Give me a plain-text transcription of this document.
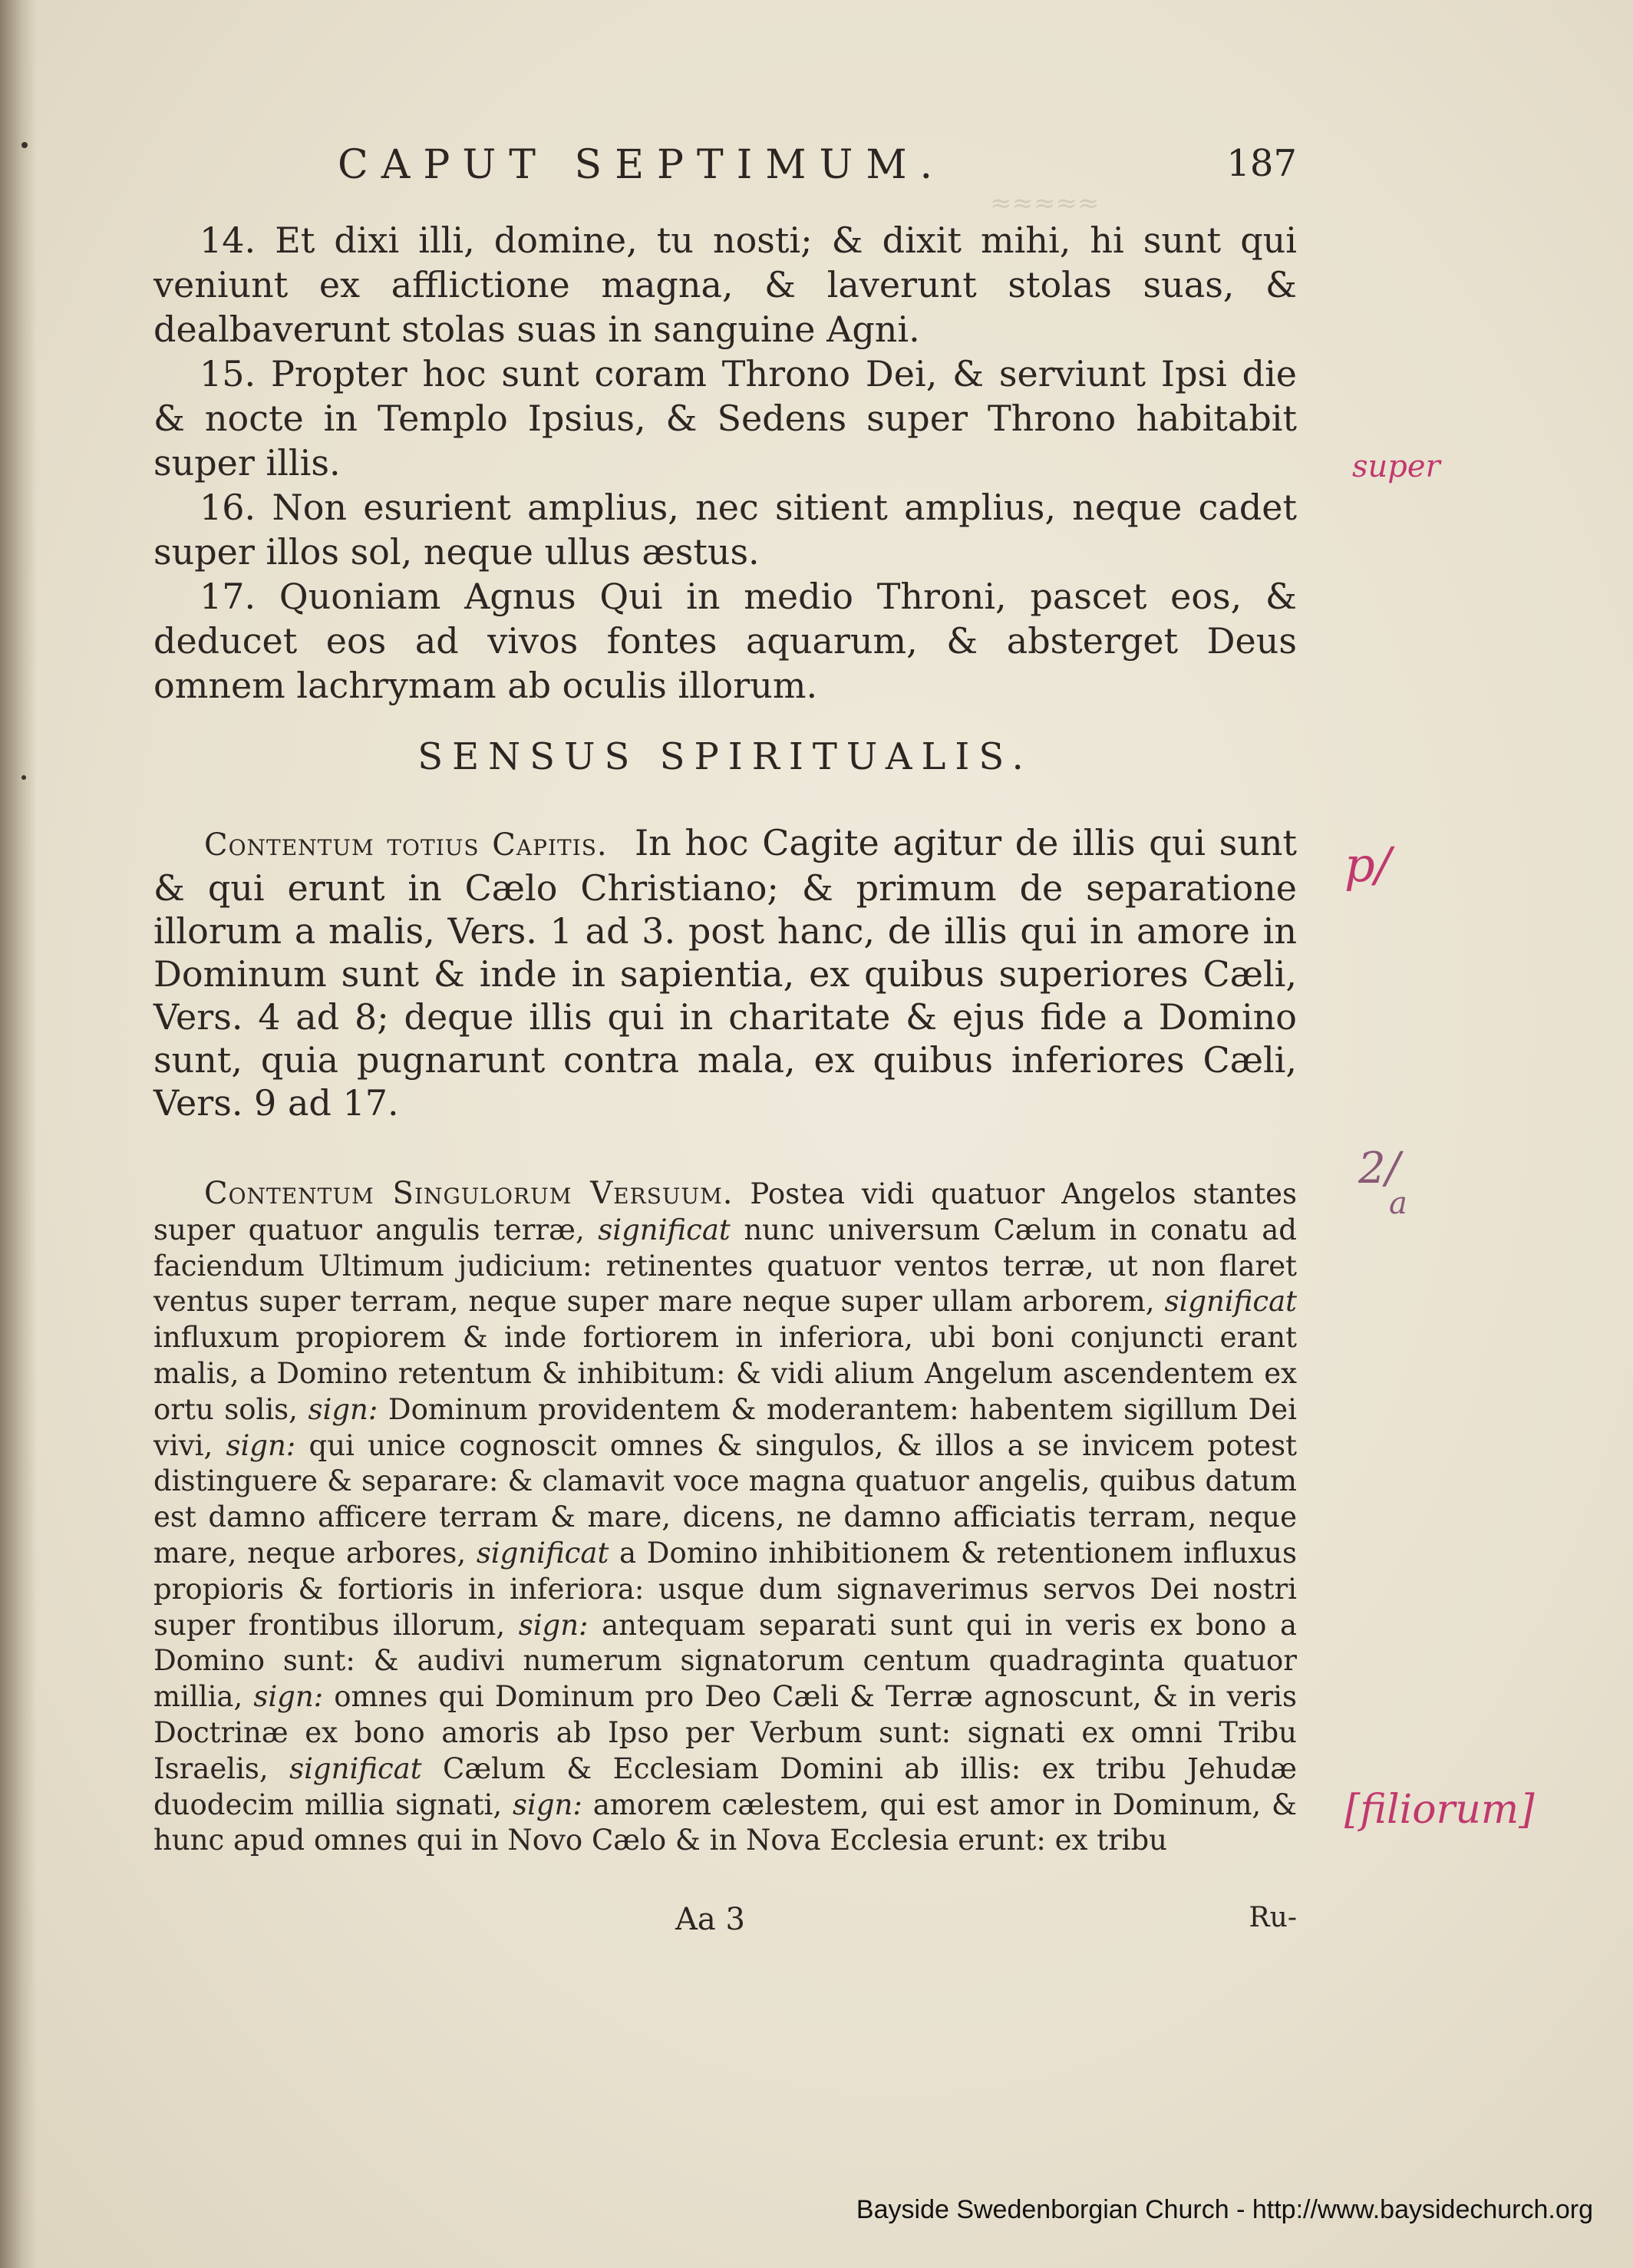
≈≈≈≈≈
CAPUT SEPTIMUM.	187

14. Et dixi illi, domine, tu nosti; & dixit mihi, hi sunt qui veniunt ex afflictione magna, & laverunt stolas suas, & dealbaverunt stolas suas in sanguine Agni.

15. Propter hoc sunt coram Throno Dei, & serviunt Ipsi die & nocte in Templo Ipsius, & Sedens super Throno habitabit super illis.

16. Non esurient amplius, nec sitient amplius, neque cadet super illos sol, neque ullus æstus.

17. Quoniam Agnus Qui in medio Throni, pascet eos, & deducet eos ad vivos fontes aquarum, & absterget Deus omnem lachrymam ab oculis illorum.

SENSUS SPIRITUALIS.

Contentum totius Capitis. In hoc Cagite agitur de illis qui sunt & qui erunt in Cælo Christiano; & primum de separatione illorum a malis, Vers. 1 ad 3. post hanc, de illis qui in amore in Dominum sunt & inde in sapientia, ex quibus superiores Cæli, Vers. 4 ad 8; deque illis qui in charitate & ejus fide a Domino sunt, quia pugnarunt contra mala, ex quibus inferiores Cæli, Vers. 9 ad 17.

Contentum Singulorum Versuum. Postea vidi quatuor Angelos stantes super quatuor angulis terræ, significat nunc universum Cælum in conatu ad faciendum Ultimum judicium: retinentes quatuor ventos terræ, ut non flaret ventus super terram, neque super mare neque super ullam arborem, significat influxum propiorem & inde fortiorem in inferiora, ubi boni conjuncti erant malis, a Domino retentum & inhibitum: & vidi alium Angelum ascendentem ex ortu solis, sign: Dominum providentem & moderantem: habentem sigillum Dei vivi, sign: qui unice cognoscit omnes & singulos, & illos a se invicem potest distinguere & separare: & clamavit voce magna quatuor angelis, quibus datum est damno afficere terram & mare, dicens, ne damno afficiatis terram, neque mare, neque arbores, significat a Domino inhibitionem & retentionem influxus propioris & fortioris in inferiora: usque dum signaverimus servos Dei nostri super frontibus illorum, sign: antequam separati sunt qui in veris ex bono a Domino sunt: & audivi numerum signatorum centum quadraginta quatuor millia, sign: omnes qui Dominum pro Deo Cæli & Terræ agnoscunt, & in veris Doctrinæ ex bono amoris ab Ipso per Verbum sunt: signati ex omni Tribu Israelis, significat Cælum & Ecclesiam Domini ab illis: ex tribu Jehudæ duodecim millia signati, sign: amorem cælestem, qui est amor in Dominum, & hunc apud omnes qui in Novo Cælo & in Nova Ecclesia erunt: ex tribu

Aa 3	Ru-
super
p/
2/
a
[filiorum]
Bayside Swedenborgian Church - http://www.baysidechurch.org
